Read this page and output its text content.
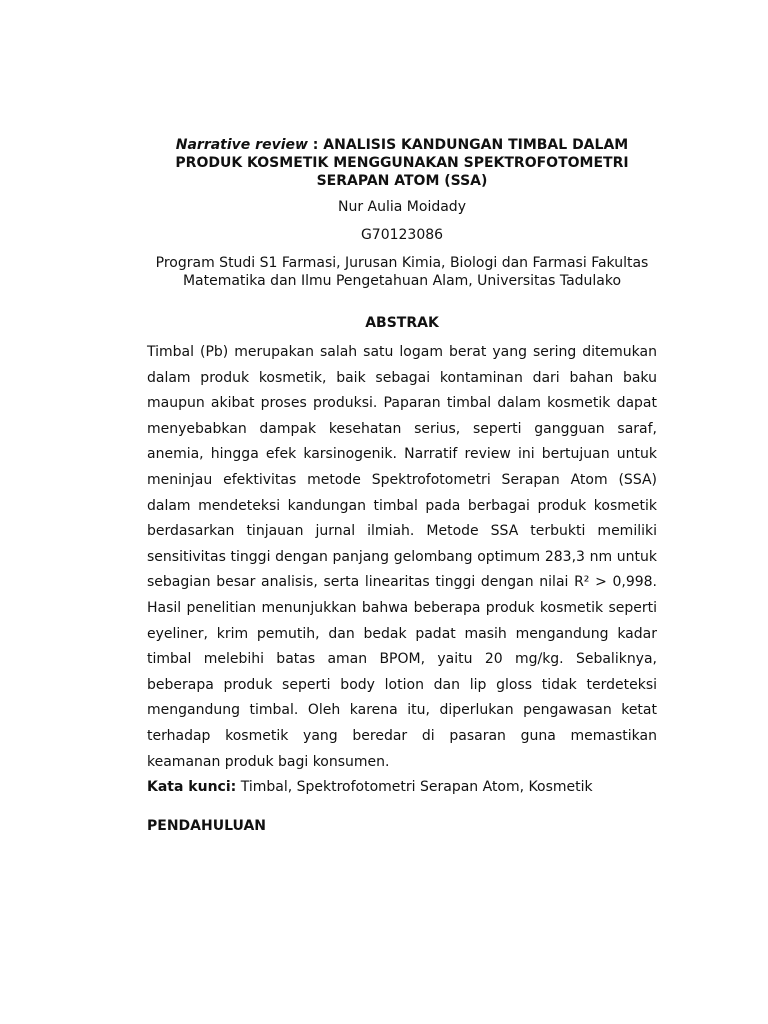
Narrative review : ANALISIS KANDUNGAN TIMBAL DALAM PRODUK KOSMETIK MENGGUNAKAN SPEKTROFOTOMETRI SERAPAN ATOM (SSA)

Nur Aulia Moidady

G70123086

Program Studi S1 Farmasi, Jurusan Kimia, Biologi dan Farmasi Fakultas Matematika dan Ilmu Pengetahuan Alam, Universitas Tadulako

ABSTRAK

Timbal (Pb) merupakan salah satu logam berat yang sering ditemukan dalam produk kosmetik, baik sebagai kontaminan dari bahan baku maupun akibat proses produksi. Paparan timbal dalam kosmetik dapat menyebabkan dampak kesehatan serius, seperti gangguan saraf, anemia, hingga efek karsinogenik. Narratif review ini bertujuan untuk meninjau efektivitas metode Spektrofotometri Serapan Atom (SSA) dalam mendeteksi kandungan timbal pada berbagai produk kosmetik berdasarkan tinjauan jurnal ilmiah. Metode SSA terbukti memiliki sensitivitas tinggi dengan panjang gelombang optimum 283,3 nm untuk sebagian besar analisis, serta linearitas tinggi dengan nilai R² > 0,998. Hasil penelitian menunjukkan bahwa beberapa produk kosmetik seperti eyeliner, krim pemutih, dan bedak padat masih mengandung kadar timbal melebihi batas aman BPOM, yaitu 20 mg/kg. Sebaliknya, beberapa produk seperti body lotion dan lip gloss tidak terdeteksi mengandung timbal. Oleh karena itu, diperlukan pengawasan ketat terhadap kosmetik yang beredar di pasaran guna memastikan keamanan produk bagi konsumen.

Kata kunci: Timbal, Spektrofotometri Serapan Atom, Kosmetik

PENDAHULUAN
